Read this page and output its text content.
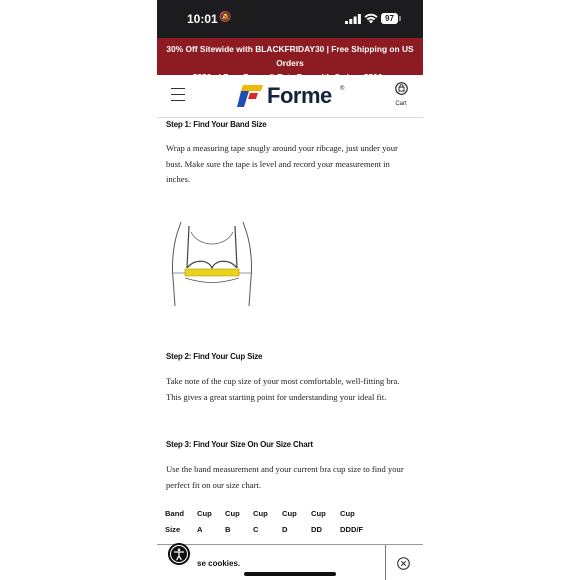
10:01 🔕	97
30% Off Sitewide with BLACKFRIDAY30 | Free Shipping on US Orders
Forme ®
Cart
Step 1: Find Your Band Size
Wrap a measuring tape snugly around your ribcage, just under your bust. Make sure the tape is level and record your measurement in inches.
Step 2: Find Your Cup Size
Take note of the cup size of your most comfortable, well-fitting bra. This gives a great starting point for understanding your ideal fit.
Step 3: Find Your Size On Our Size Chart
Use the band measurement and your current bra cup size to find your perfect fit on our size chart.
Band	Cup	Cup	Cup	Cup	Cup	Cup
Size	A	B	C	D	DD	DDD/F
se cookies.
